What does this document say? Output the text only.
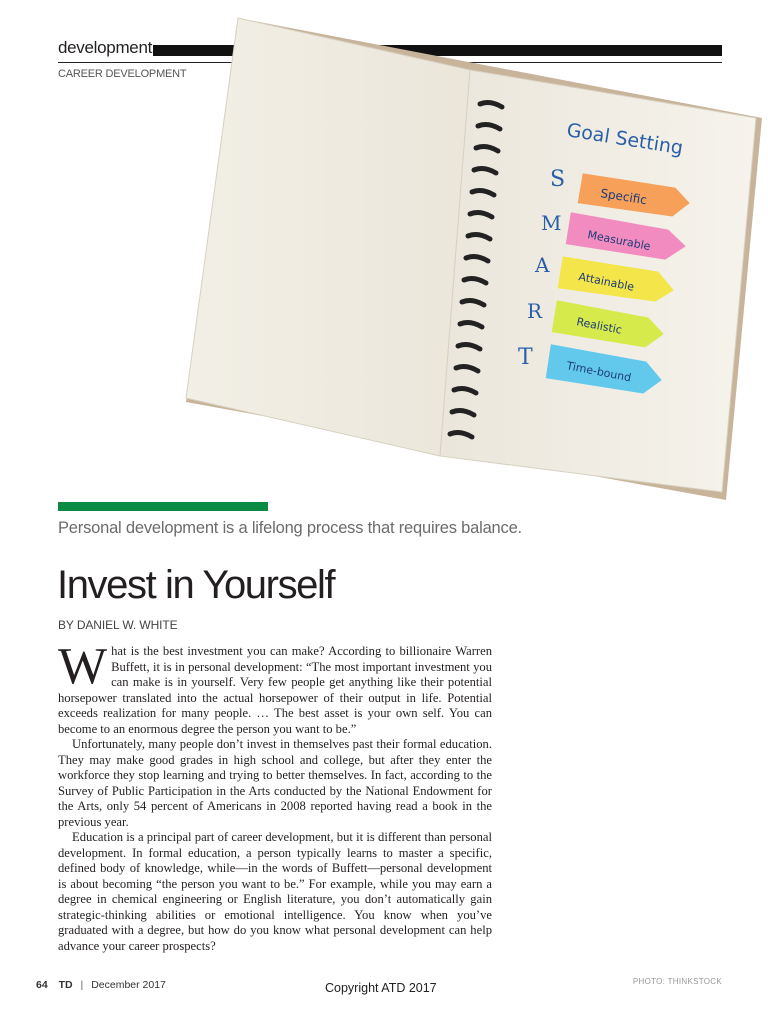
development
CAREER DEVELOPMENT
Goal Setting
S
Specific
M
Measurable
A
Attainable
R
Realistic
T
Time-bound
Personal development is a lifelong process that requires balance.
Invest in Yourself
BY DANIEL W. WHITE

What is the best investment you can make? According to billionaire Warren Buffett, it is in personal development: “The most important investment you can make is in yourself. Very few people get anything like their potential horsepower translated into the actual horsepower of their output in life. Potential exceeds realization for many people. … The best asset is your own self. You can become to an enormous degree the person you want to be.”

Unfortunately, many people don’t invest in themselves past their formal education. They may make good grades in high school and college, but after they enter the workforce they stop learning and trying to better themselves. In fact, according to the Survey of Public Participation in the Arts conducted by the National Endowment for the Arts, only 54 percent of Americans in 2008 reported having read a book in the previous year.

Education is a principal part of career development, but it is different than personal development. In formal education, a person typically learns to master a specific, defined body of knowledge, while—in the words of Buffett—personal development is about becoming “the person you want to be.” For example, while you may earn a degree in chemical engineering or English literature, you don’t automatically gain strategic-thinking abilities or emotional intelligence. You know when you’ve graduated with a degree, but how do you know what personal development can help advance your career prospects?

64 TD | December 2017	Copyright ATD 2017	PHOTO: THINKSTOCK
